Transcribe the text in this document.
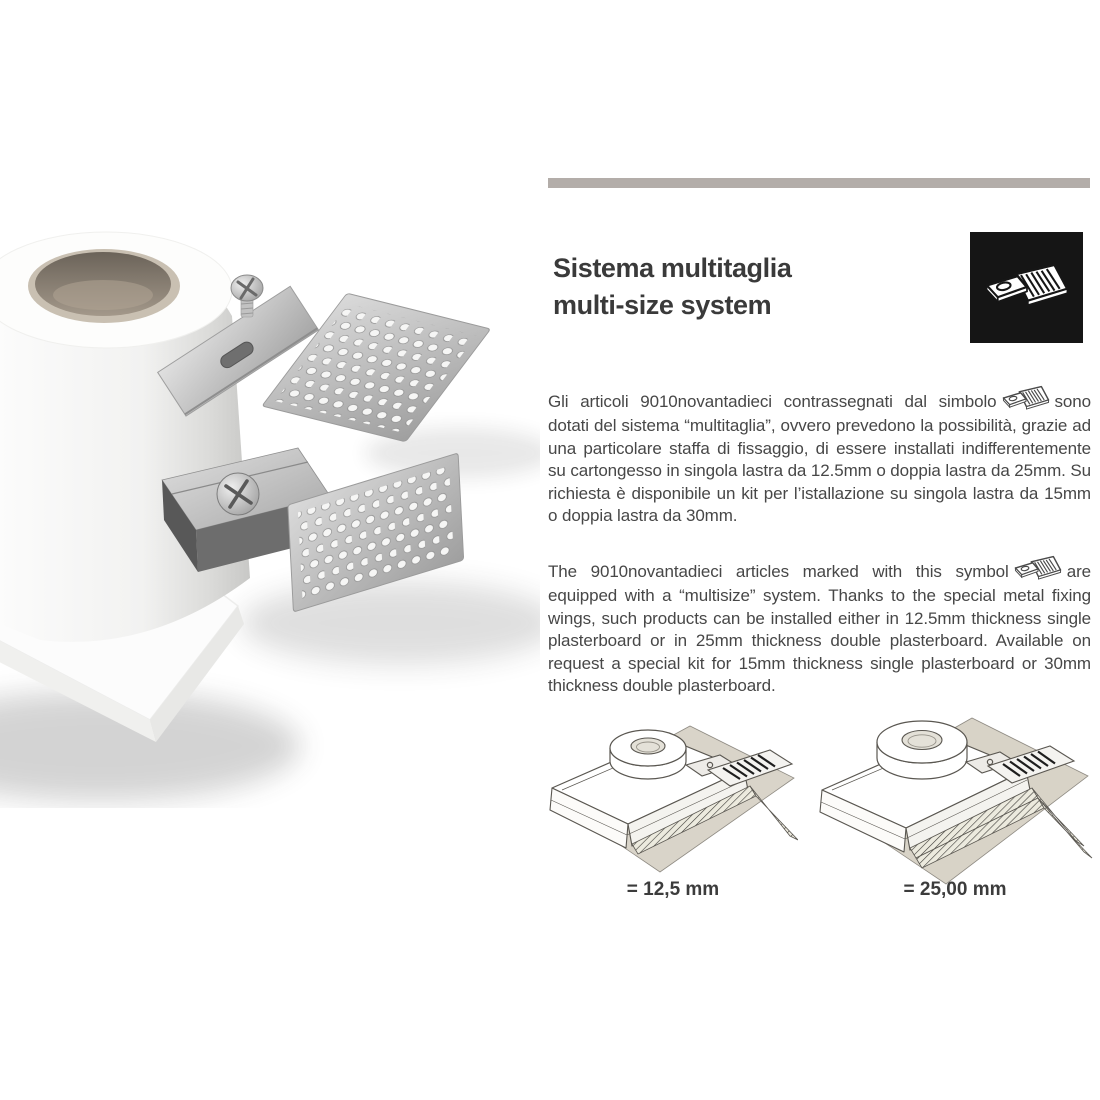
Sistema multitaglia
multi-size system

Gli articoli 9010novantadieci contrassegnati dal simbolo	sono dotati del sistema “multitaglia”, ovvero prevedono la possibilità, grazie ad una particolare staffa di fissaggio, di essere installati indifferentemente su cartongesso in singola lastra da 12.5mm o doppia lastra da 25mm. Su richiesta è disponibile un kit per l’istallazione su singola lastra da 15mm o doppia lastra da 30mm.

The 9010novantadieci articles marked with this symbol	are equipped with a “multisize” system. Thanks to the special metal fixing wings, such products can be installed either in 12.5mm thickness single plasterboard or in 25mm thickness double plasterboard. Available on request a special kit for 15mm thickness single plasterboard or 30mm thickness double plasterboard.

= 12,5 mm	= 25,00 mm
